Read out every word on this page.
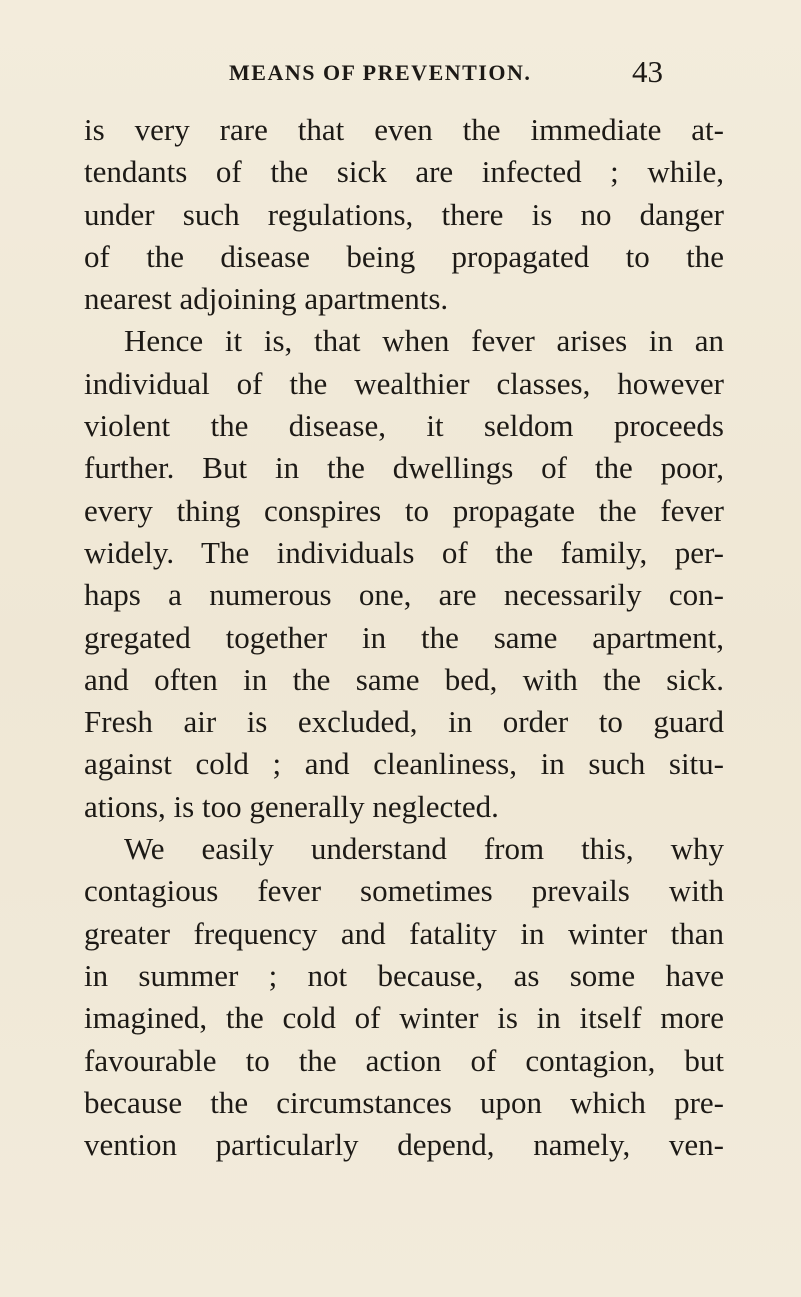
MEANS OF PREVENTION.	43
is very rare that even the immediate at-
tendants of the sick are infected ; while,
under such regulations, there is no danger
of the disease being propagated to the
nearest adjoining apartments.
Hence it is, that when fever arises in an
individual of the wealthier classes, however
violent the disease, it seldom proceeds
further. But in the dwellings of the poor,
every thing conspires to propagate the fever
widely. The individuals of the family, per-
haps a numerous one, are necessarily con-
gregated together in the same apartment,
and often in the same bed, with the sick.
Fresh air is excluded, in order to guard
against cold ; and cleanliness, in such situ-
ations, is too generally neglected.
We easily understand from this, why
contagious fever sometimes prevails with
greater frequency and fatality in winter than
in summer ; not because, as some have
imagined, the cold of winter is in itself more
favourable to the action of contagion, but
because the circumstances upon which pre-
vention particularly depend, namely, ven-
